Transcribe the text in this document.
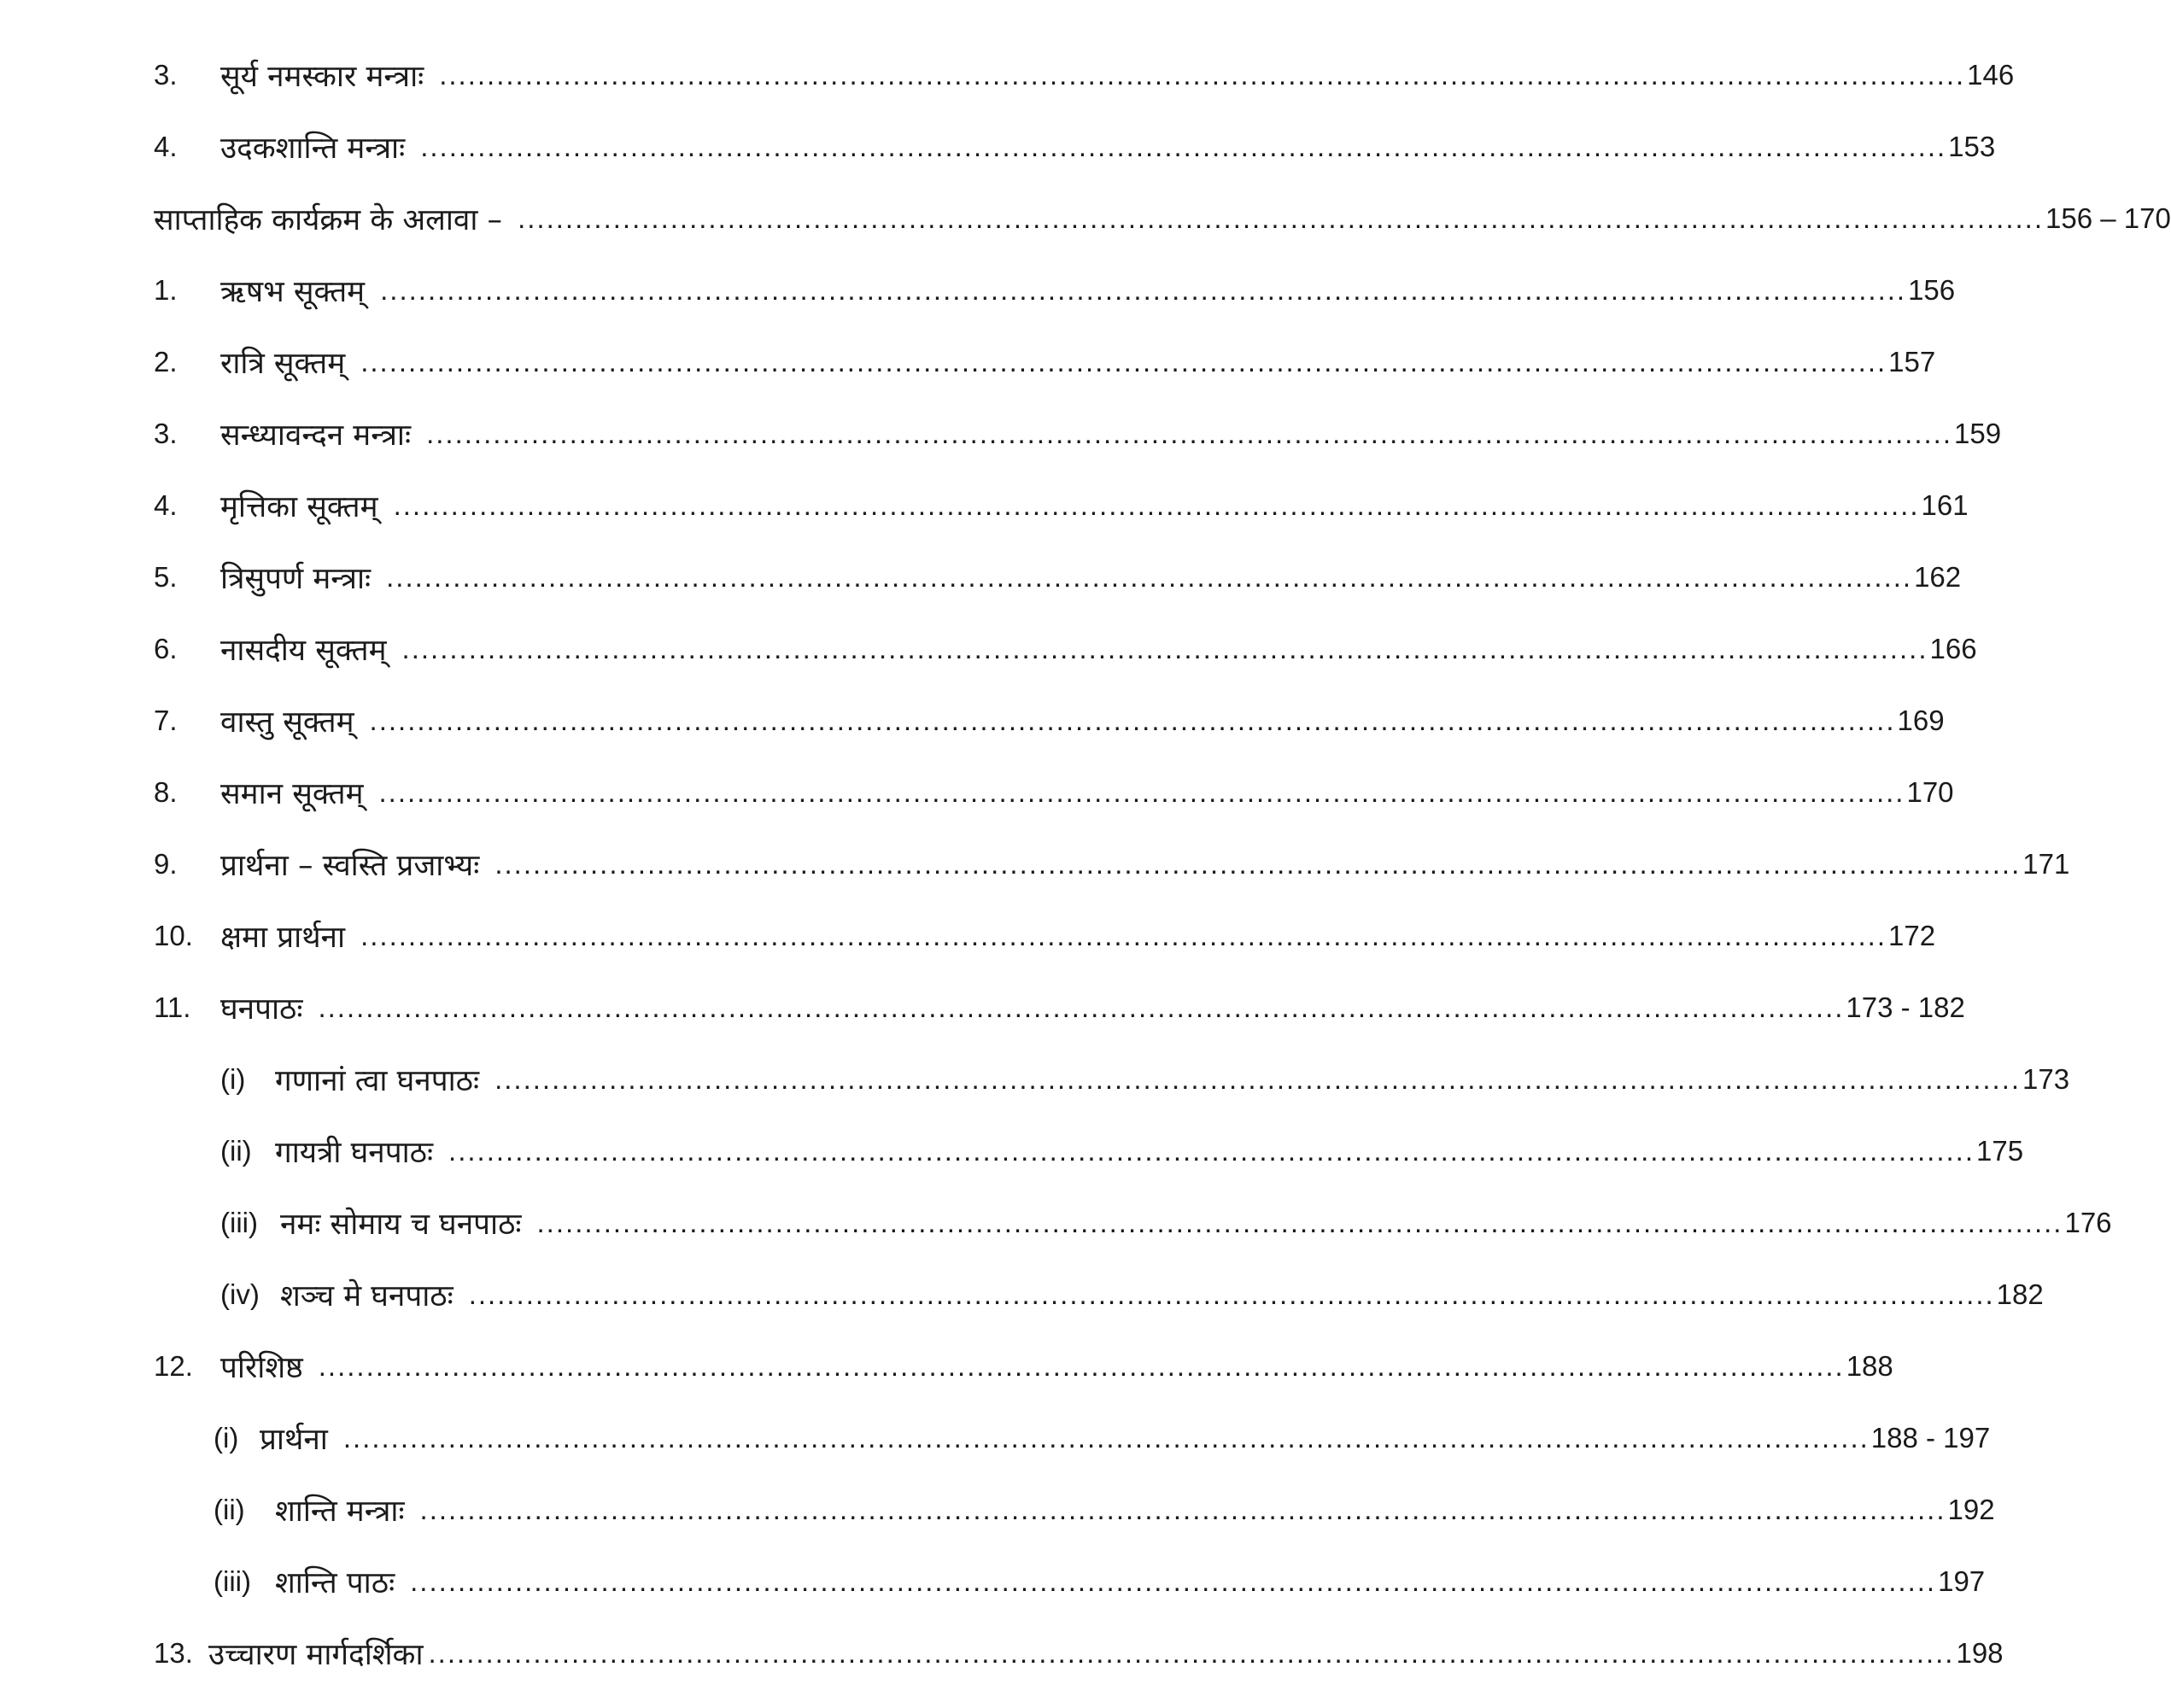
3.	सूर्य नमस्कार मन्त्राः ................................................................................................................................................................ 146
4.	उदकशान्ति मन्त्राः ................................................................................................................................................................ 153
साप्ताहिक कार्यक्रम के अलावा – ................................................................................................................................................................ 156 – 170
1.	ऋषभ सूक्तम् ................................................................................................................................................................ 156
2.	रात्रि सूक्तम् ................................................................................................................................................................ 157
3.	सन्ध्यावन्दन मन्त्राः ................................................................................................................................................................ 159
4.	मृत्तिका सूक्तम् ................................................................................................................................................................ 161
5.	त्रिसुपर्ण मन्त्राः ................................................................................................................................................................ 162
6.	नासदीय सूक्तम् ................................................................................................................................................................ 166
7.	वास्तु सूक्तम् ................................................................................................................................................................ 169
8.	समान सूक्तम् ................................................................................................................................................................ 170
9.	प्रार्थना – स्वस्ति प्रजाभ्यः ................................................................................................................................................................ 171
10. क्षमा प्रार्थना ................................................................................................................................................................ 172
11. घनपाठः ................................................................................................................................................................ 173 - 182
(i) गणानां त्वा घनपाठः ................................................................................................................................................................ 173
(ii) गायत्री घनपाठः ................................................................................................................................................................ 175
(iii) नमः सोमाय च घनपाठः ................................................................................................................................................................ 176
(iv) शञ्च मे घनपाठः ................................................................................................................................................................ 182
12. परिशिष्ठ ................................................................................................................................................................ 188
(i) प्रार्थना ................................................................................................................................................................ 188 - 197
(ii)	शान्ति मन्त्राः ................................................................................................................................................................ 192
(iii) शान्ति पाठः ................................................................................................................................................................ 197
13. उच्चारण मार्गदर्शिका ................................................................................................................................................................ 198
